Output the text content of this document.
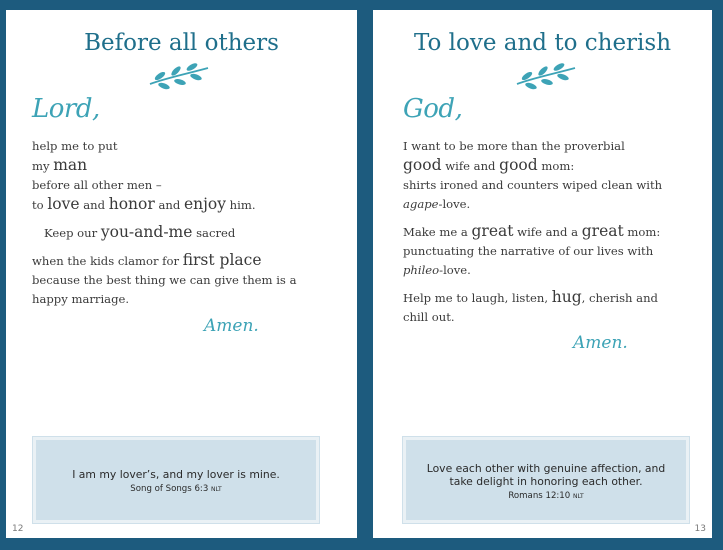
Before all others
Lord,

help me to put

my man

before all other men –

to love and honor and enjoy him.

Keep our you-and-me sacred

when the kids clamor for first place

because the best thing we can give them is a

happy marriage.

Amen.
I am my lover’s, and my lover is mine.
Song of Songs 6:3 NLT
12
To love and to cherish
God,

I want to be more than the proverbial

good wife and good mom:

shirts ironed and counters wiped clean with

agape-love.

Make me a great wife and a great mom:

punctuating the narrative of our lives with

phileo-love.

Help me to laugh, listen, hug, cherish and

chill out.

Amen.
Love each other with genuine affection, and take delight in honoring each other.
Romans 12:10 NLT
13
